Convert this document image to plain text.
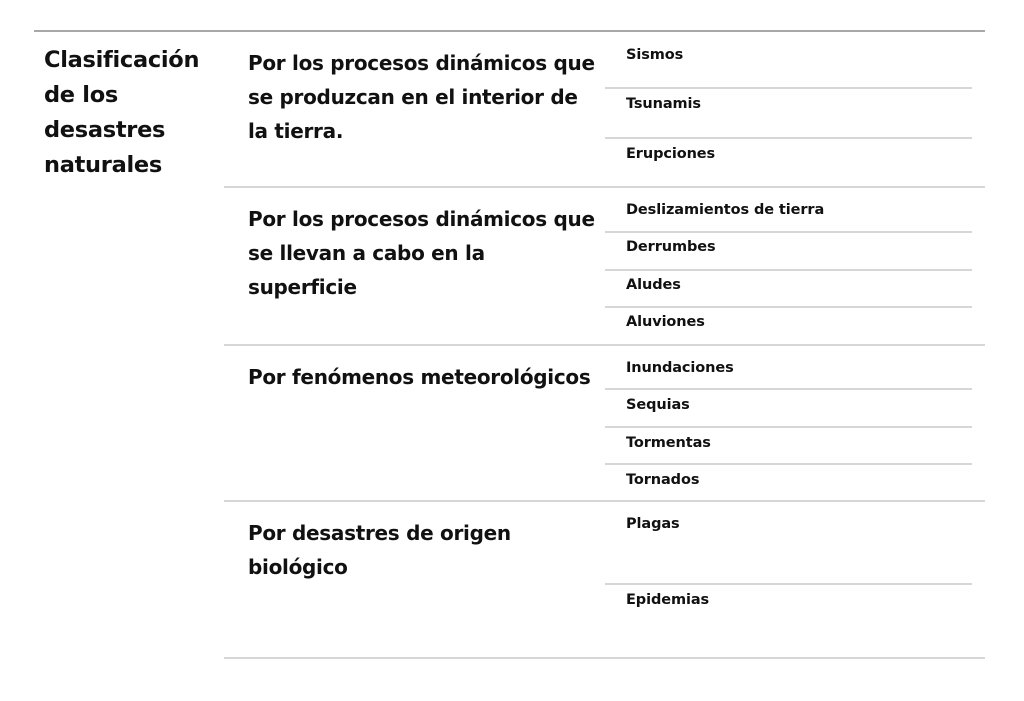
Clasificación de los desastres naturales
Por los procesos dinámicos que se produzcan en el interior de la tierra.
Sismos
Tsunamis
Erupciones
Por los procesos dinámicos que se llevan a cabo en la superficie
Deslizamientos de tierra
Derrumbes
Aludes
Aluviones
Por fenómenos meteorológicos	Inundaciones
Sequias
Tormentas
Tornados
Por desastres de origen biológico
Plagas
Epidemias
